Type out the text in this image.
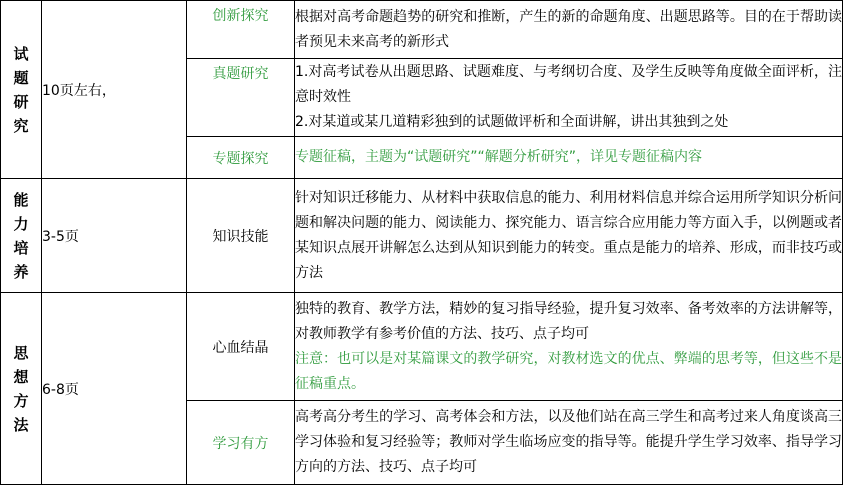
试
题
研
究	10页左右，	创新探究	根据对高考命题趋势的研究和推断，产生的新的命题角度、出题思路等。目的在于帮助读者预见未来高考的新形式

		真题研究	1.对高考试卷从出题思路、试题难度、与考纲切合度、及学生反映等角度做全面评析，注意时效性
2.对某道或某几道精彩独到的试题做评析和全面讲解，讲出其独到之处

		专题探究	专题征稿，主题为“试题研究”“解题分析研究”，详见专题征稿内容

能
力
培
养	3-5页	知识技能	针对知识迁移能力、从材料中获取信息的能力、利用材料信息并综合运用所学知识分析问题和解决问题的能力、阅读能力、探究能力、语言综合应用能力等方面入手，以例题或者某知识点展开讲解怎么达到从知识到能力的转变。重点是能力的培养、形成，而非技巧或方法

思
想
方
法	6-8页	心血结晶	独特的教育、教学方法，精妙的复习指导经验，提升复习效率、备考效率的方法讲解等，对教师教学有参考价值的方法、技巧、点子均可
注意：也可以是对某篇课文的教学研究，对教材选文的优点、弊端的思考等，但这些不是征稿重点。

		学习有方	高考高分考生的学习、高考体会和方法，以及他们站在高三学生和高考过来人角度谈高三学习体验和复习经验等；教师对学生临场应变的指导等。能提升学生学习效率、指导学习方向的方法、技巧、点子均可
